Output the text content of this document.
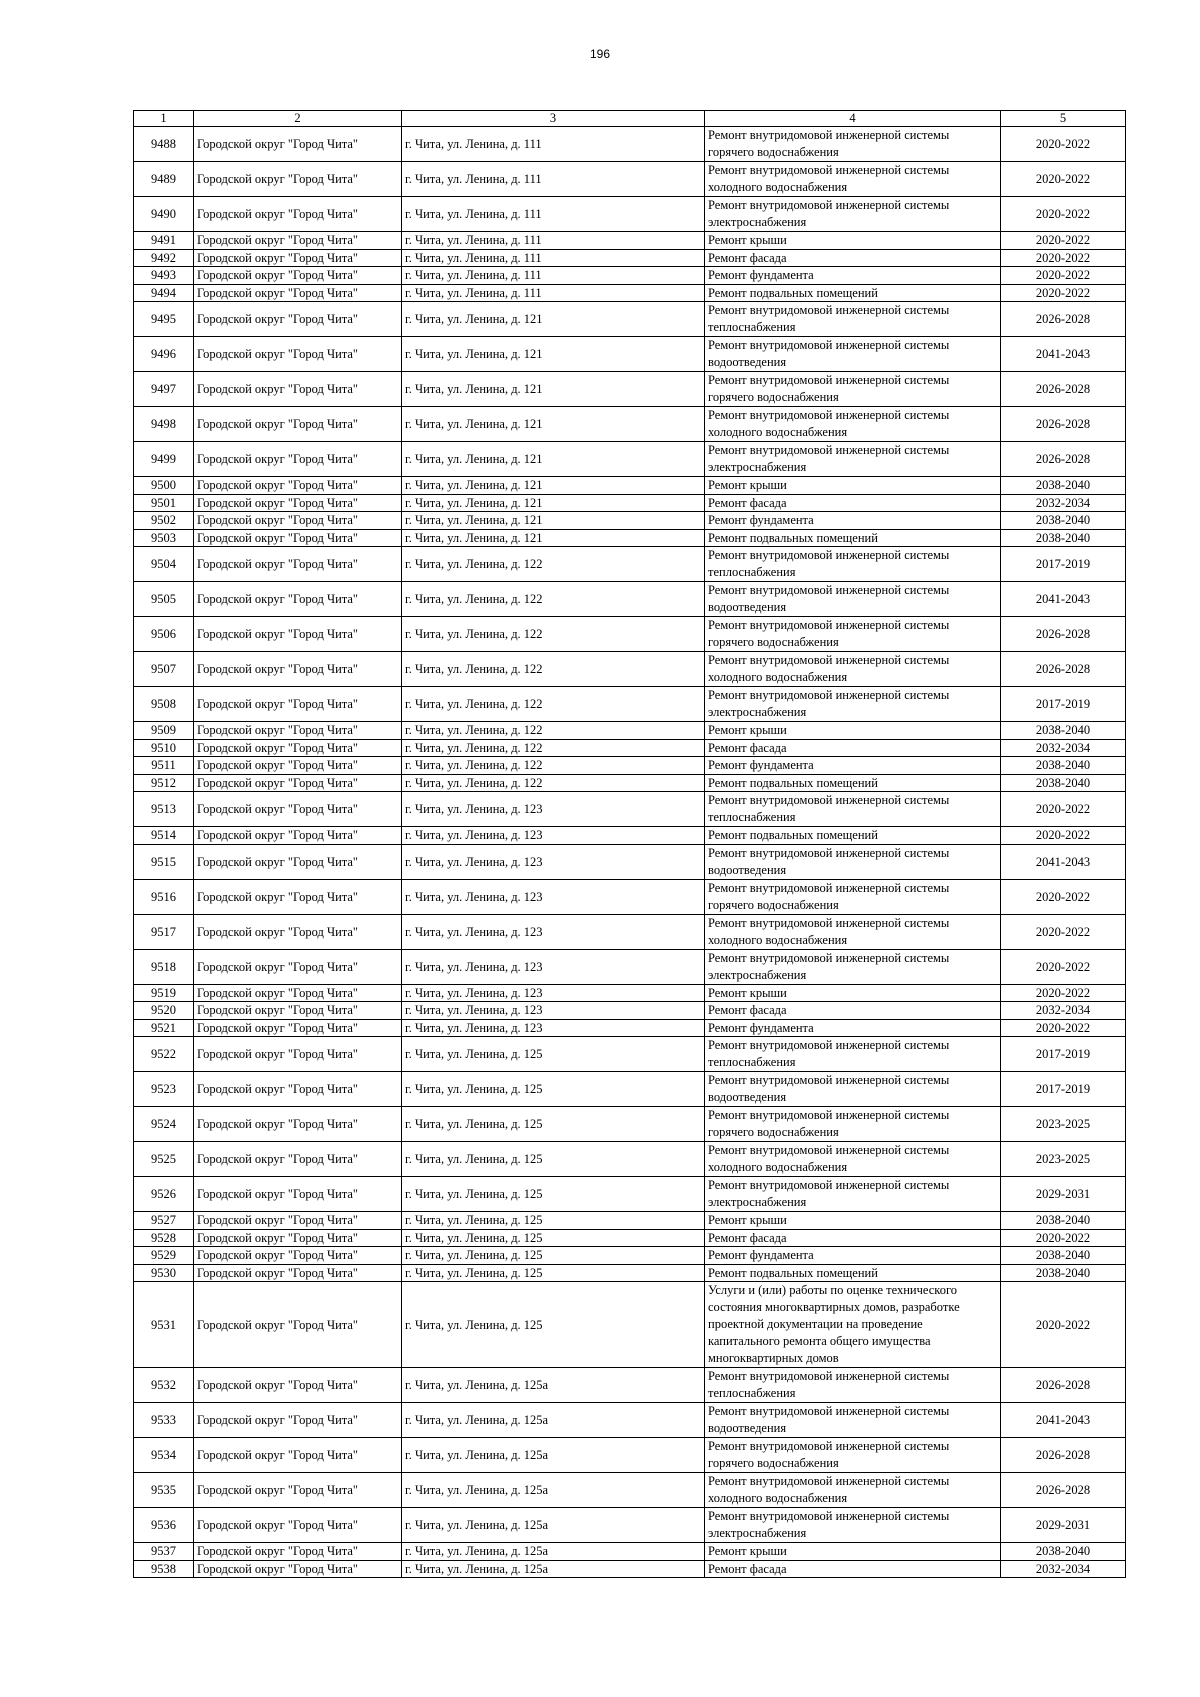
196
1	2	3	4	5
9488	Городской округ "Город Чита"	г. Чита, ул. Ленина, д. 111	Ремонт внутридомовой инженерной системы горячего водоснабжения	2020-2022
9489	Городской округ "Город Чита"	г. Чита, ул. Ленина, д. 111	Ремонт внутридомовой инженерной системы холодного водоснабжения	2020-2022
9490	Городской округ "Город Чита"	г. Чита, ул. Ленина, д. 111	Ремонт внутридомовой инженерной системы электроснабжения	2020-2022
9491	Городской округ "Город Чита"	г. Чита, ул. Ленина, д. 111	Ремонт крыши	2020-2022
9492	Городской округ "Город Чита"	г. Чита, ул. Ленина, д. 111	Ремонт фасада	2020-2022
9493	Городской округ "Город Чита"	г. Чита, ул. Ленина, д. 111	Ремонт фундамента	2020-2022
9494	Городской округ "Город Чита"	г. Чита, ул. Ленина, д. 111	Ремонт подвальных помещений	2020-2022
9495	Городской округ "Город Чита"	г. Чита, ул. Ленина, д. 121	Ремонт внутридомовой инженерной системы теплоснабжения	2026-2028
9496	Городской округ "Город Чита"	г. Чита, ул. Ленина, д. 121	Ремонт внутридомовой инженерной системы водоотведения	2041-2043
9497	Городской округ "Город Чита"	г. Чита, ул. Ленина, д. 121	Ремонт внутридомовой инженерной системы горячего водоснабжения	2026-2028
9498	Городской округ "Город Чита"	г. Чита, ул. Ленина, д. 121	Ремонт внутридомовой инженерной системы холодного водоснабжения	2026-2028
9499	Городской округ "Город Чита"	г. Чита, ул. Ленина, д. 121	Ремонт внутридомовой инженерной системы электроснабжения	2026-2028
9500	Городской округ "Город Чита"	г. Чита, ул. Ленина, д. 121	Ремонт крыши	2038-2040
9501	Городской округ "Город Чита"	г. Чита, ул. Ленина, д. 121	Ремонт фасада	2032-2034
9502	Городской округ "Город Чита"	г. Чита, ул. Ленина, д. 121	Ремонт фундамента	2038-2040
9503	Городской округ "Город Чита"	г. Чита, ул. Ленина, д. 121	Ремонт подвальных помещений	2038-2040
9504	Городской округ "Город Чита"	г. Чита, ул. Ленина, д. 122	Ремонт внутридомовой инженерной системы теплоснабжения	2017-2019
9505	Городской округ "Город Чита"	г. Чита, ул. Ленина, д. 122	Ремонт внутридомовой инженерной системы водоотведения	2041-2043
9506	Городской округ "Город Чита"	г. Чита, ул. Ленина, д. 122	Ремонт внутридомовой инженерной системы горячего водоснабжения	2026-2028
9507	Городской округ "Город Чита"	г. Чита, ул. Ленина, д. 122	Ремонт внутридомовой инженерной системы холодного водоснабжения	2026-2028
9508	Городской округ "Город Чита"	г. Чита, ул. Ленина, д. 122	Ремонт внутридомовой инженерной системы электроснабжения	2017-2019
9509	Городской округ "Город Чита"	г. Чита, ул. Ленина, д. 122	Ремонт крыши	2038-2040
9510	Городской округ "Город Чита"	г. Чита, ул. Ленина, д. 122	Ремонт фасада	2032-2034
9511	Городской округ "Город Чита"	г. Чита, ул. Ленина, д. 122	Ремонт фундамента	2038-2040
9512	Городской округ "Город Чита"	г. Чита, ул. Ленина, д. 122	Ремонт подвальных помещений	2038-2040
9513	Городской округ "Город Чита"	г. Чита, ул. Ленина, д. 123	Ремонт внутридомовой инженерной системы теплоснабжения	2020-2022
9514	Городской округ "Город Чита"	г. Чита, ул. Ленина, д. 123	Ремонт подвальных помещений	2020-2022
9515	Городской округ "Город Чита"	г. Чита, ул. Ленина, д. 123	Ремонт внутридомовой инженерной системы водоотведения	2041-2043
9516	Городской округ "Город Чита"	г. Чита, ул. Ленина, д. 123	Ремонт внутридомовой инженерной системы горячего водоснабжения	2020-2022
9517	Городской округ "Город Чита"	г. Чита, ул. Ленина, д. 123	Ремонт внутридомовой инженерной системы холодного водоснабжения	2020-2022
9518	Городской округ "Город Чита"	г. Чита, ул. Ленина, д. 123	Ремонт внутридомовой инженерной системы электроснабжения	2020-2022
9519	Городской округ "Город Чита"	г. Чита, ул. Ленина, д. 123	Ремонт крыши	2020-2022
9520	Городской округ "Город Чита"	г. Чита, ул. Ленина, д. 123	Ремонт фасада	2032-2034
9521	Городской округ "Город Чита"	г. Чита, ул. Ленина, д. 123	Ремонт фундамента	2020-2022
9522	Городской округ "Город Чита"	г. Чита, ул. Ленина, д. 125	Ремонт внутридомовой инженерной системы теплоснабжения	2017-2019
9523	Городской округ "Город Чита"	г. Чита, ул. Ленина, д. 125	Ремонт внутридомовой инженерной системы водоотведения	2017-2019
9524	Городской округ "Город Чита"	г. Чита, ул. Ленина, д. 125	Ремонт внутридомовой инженерной системы горячего водоснабжения	2023-2025
9525	Городской округ "Город Чита"	г. Чита, ул. Ленина, д. 125	Ремонт внутридомовой инженерной системы холодного водоснабжения	2023-2025
9526	Городской округ "Город Чита"	г. Чита, ул. Ленина, д. 125	Ремонт внутридомовой инженерной системы электроснабжения	2029-2031
9527	Городской округ "Город Чита"	г. Чита, ул. Ленина, д. 125	Ремонт крыши	2038-2040
9528	Городской округ "Город Чита"	г. Чита, ул. Ленина, д. 125	Ремонт фасада	2020-2022
9529	Городской округ "Город Чита"	г. Чита, ул. Ленина, д. 125	Ремонт фундамента	2038-2040
9530	Городской округ "Город Чита"	г. Чита, ул. Ленина, д. 125	Ремонт подвальных помещений	2038-2040
9531	Городской округ "Город Чита"	г. Чита, ул. Ленина, д. 125	Услуги и (или) работы по оценке технического состояния многоквартирных домов, разработке проектной документации на проведение капитального ремонта общего имущества многоквартирных домов	2020-2022
9532	Городской округ "Город Чита"	г. Чита, ул. Ленина, д. 125а	Ремонт внутридомовой инженерной системы теплоснабжения	2026-2028
9533	Городской округ "Город Чита"	г. Чита, ул. Ленина, д. 125а	Ремонт внутридомовой инженерной системы водоотведения	2041-2043
9534	Городской округ "Город Чита"	г. Чита, ул. Ленина, д. 125а	Ремонт внутридомовой инженерной системы горячего водоснабжения	2026-2028
9535	Городской округ "Город Чита"	г. Чита, ул. Ленина, д. 125а	Ремонт внутридомовой инженерной системы холодного водоснабжения	2026-2028
9536	Городской округ "Город Чита"	г. Чита, ул. Ленина, д. 125а	Ремонт внутридомовой инженерной системы электроснабжения	2029-2031
9537	Городской округ "Город Чита"	г. Чита, ул. Ленина, д. 125а	Ремонт крыши	2038-2040
9538	Городской округ "Город Чита"	г. Чита, ул. Ленина, д. 125а	Ремонт фасада	2032-2034
